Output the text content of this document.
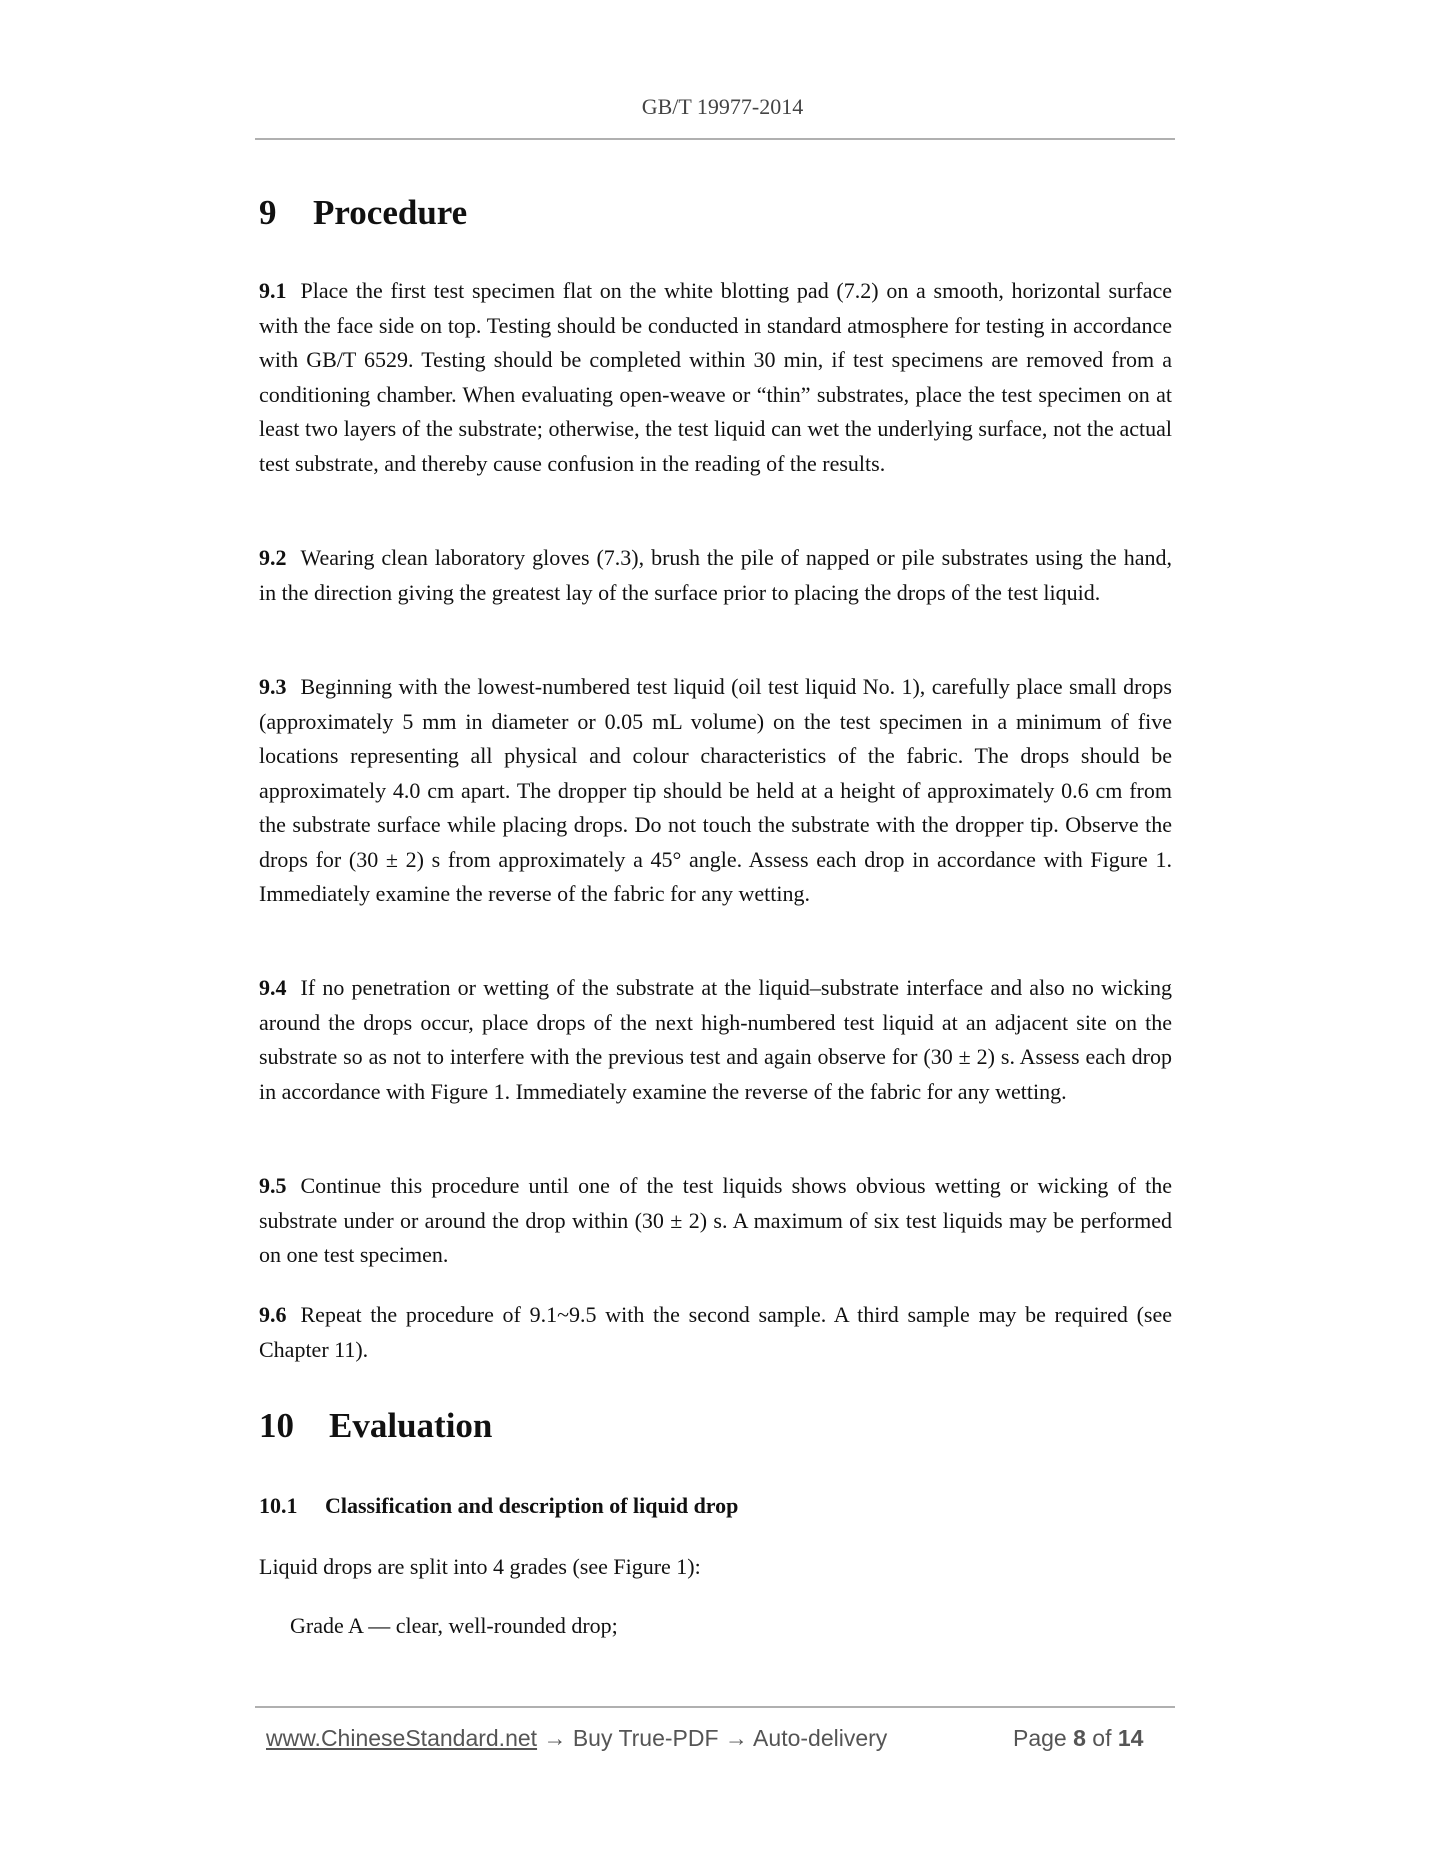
GB/T 19977-2014
9 Procedure

9.1 Place the first test specimen flat on the white blotting pad (7.2) on a smooth, horizontal surface with the face side on top. Testing should be conducted in standard atmosphere for testing in accordance with GB/T 6529. Testing should be completed within 30 min, if test specimens are removed from a conditioning chamber. When evaluating open-weave or “thin” substrates, place the test specimen on at least two layers of the substrate; otherwise, the test liquid can wet the underlying surface, not the actual test substrate, and thereby cause confusion in the reading of the results.

9.2 Wearing clean laboratory gloves (7.3), brush the pile of napped or pile substrates using the hand, in the direction giving the greatest lay of the surface prior to placing the drops of the test liquid.

9.3 Beginning with the lowest-numbered test liquid (oil test liquid No. 1), carefully place small drops (approximately 5 mm in diameter or 0.05 mL volume) on the test specimen in a minimum of five locations representing all physical and colour characteristics of the fabric. The drops should be approximately 4.0 cm apart. The dropper tip should be held at a height of approximately 0.6 cm from the substrate surface while placing drops. Do not touch the substrate with the dropper tip. Observe the drops for (30 ± 2) s from approximately a 45° angle. Assess each drop in accordance with Figure 1. Immediately examine the reverse of the fabric for any wetting.

9.4 If no penetration or wetting of the substrate at the liquid–substrate interface and also no wicking around the drops occur, place drops of the next high-numbered test liquid at an adjacent site on the substrate so as not to interfere with the previous test and again observe for (30 ± 2) s. Assess each drop in accordance with Figure 1. Immediately examine the reverse of the fabric for any wetting.

9.5 Continue this procedure until one of the test liquids shows obvious wetting or wicking of the substrate under or around the drop within (30 ± 2) s. A maximum of six test liquids may be performed on one test specimen.

9.6 Repeat the procedure of 9.1~9.5 with the second sample. A third sample may be required (see Chapter 11).

10 Evaluation
10.1 Classification and description of liquid drop

Liquid drops are split into 4 grades (see Figure 1):

Grade A — clear, well-rounded drop;

www.ChineseStandard.net → Buy True-PDF → Auto-delivery	Page 8 of 14
